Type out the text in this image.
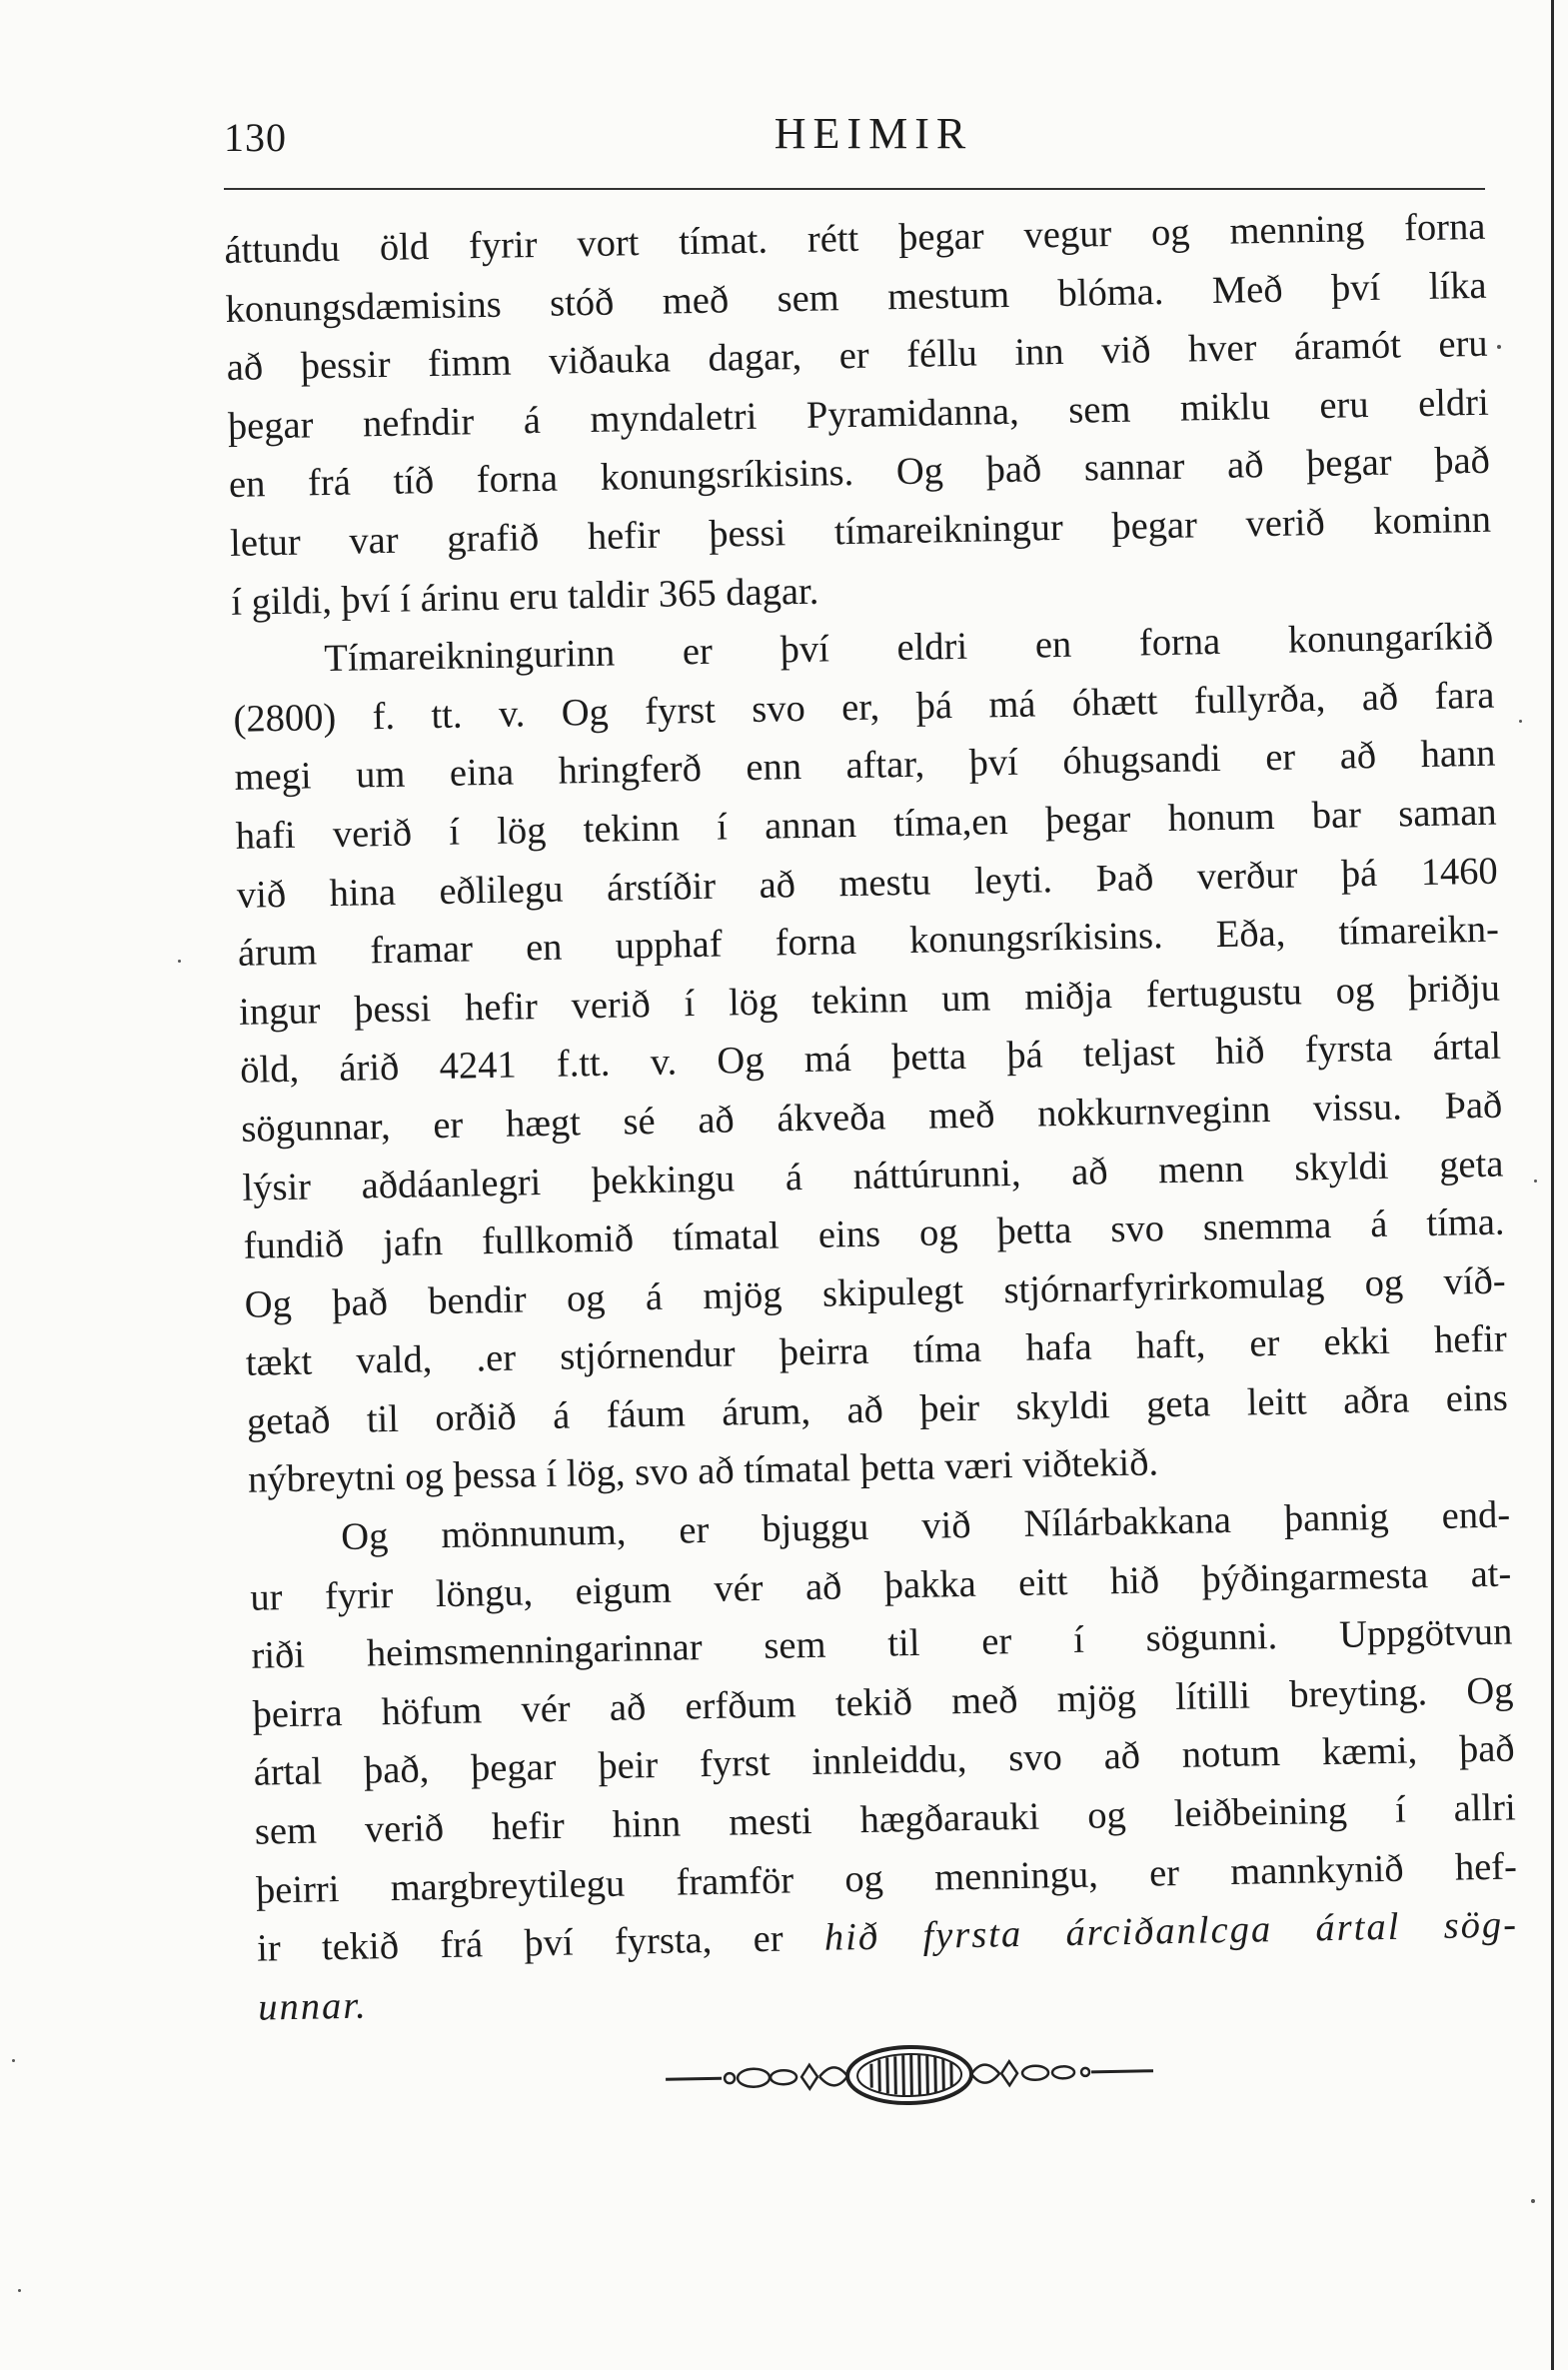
130	HEIMIR
áttundu öld fyrir vort tímat. rétt þegar vegur og menning forna
konungsdæmisins stóð með sem mestum blóma. Með því líka
að þessir fimm viðauka dagar, er féllu inn við hver áramót eru
þegar nefndir á myndaletri Pyramidanna, sem miklu eru eldri
en frá tíð forna konungsríkisins. Og það sannar að þegar það
letur var grafið hefir þessi tímareikningur þegar verið kominn
í gildi, því í árinu eru taldir 365 dagar.
Tímareikningurinn er því eldri en forna konungaríkið
(2800) f. tt. v. Og fyrst svo er, þá má óhætt fullyrða, að fara
megi um eina hringferð enn aftar, því óhugsandi er að hann
hafi verið í lög tekinn í annan tíma,en þegar honum bar saman
við hina eðlilegu árstíðir að mestu leyti. Það verður þá 1460
árum framar en upphaf forna konungsríkisins. Eða, tímareikn-
ingur þessi hefir verið í lög tekinn um miðja fertugustu og þriðju
öld, árið 4241 f.tt. v. Og má þetta þá teljast hið fyrsta ártal
sögunnar, er hægt sé að ákveða með nokkurnveginn vissu. Það
lýsir aðdáanlegri þekkingu á náttúrunni, að menn skyldi geta
fundið jafn fullkomið tímatal eins og þetta svo snemma á tíma.
Og það bendir og á mjög skipulegt stjórnarfyrirkomulag og víð-
tækt vald, .er stjórnendur þeirra tíma hafa haft, er ekki hefir
getað til orðið á fáum árum, að þeir skyldi geta leitt aðra eins
nýbreytni og þessa í lög, svo að tímatal þetta væri viðtekið.
Og mönnunum, er bjuggu við Nílárbakkana þannig end-
ur fyrir löngu, eigum vér að þakka eitt hið þýðingarmesta at-
riði heimsmenningarinnar sem til er í sögunni. Uppgötvun
þeirra höfum vér að erfðum tekið með mjög lítilli breyting. Og
ártal það, þegar þeir fyrst innleiddu, svo að notum kæmi, það
sem verið hefir hinn mesti hægðarauki og leiðbeining í allri
þeirri margbreytilegu framför og menningu, er mannkynið hef-
ir tekið frá því fyrsta, er hið fyrsta árciðanlcga ártal sög-
unnar.
